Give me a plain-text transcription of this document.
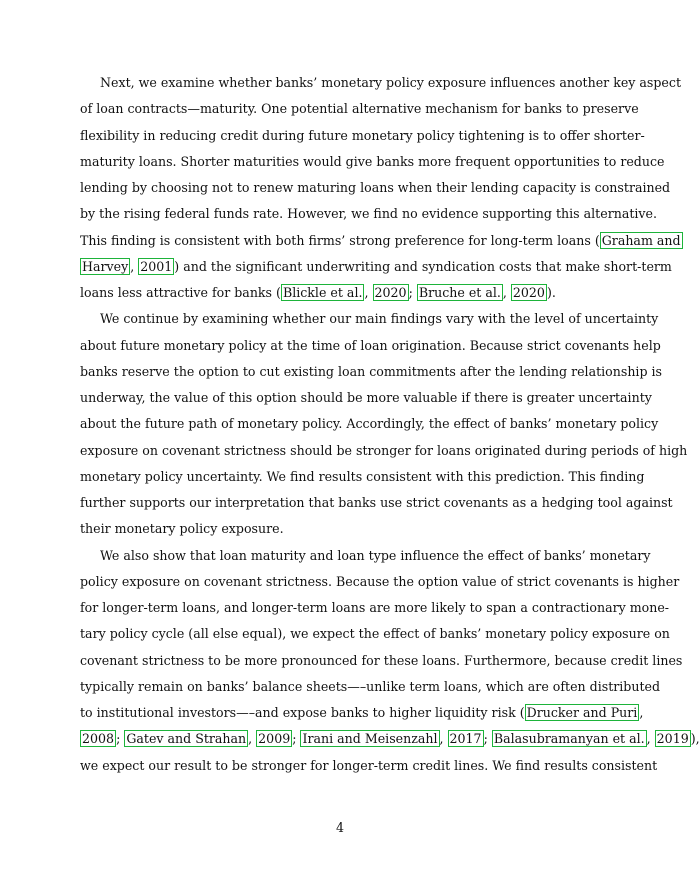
Next, we examine whether banks’ monetary policy exposure influences another key aspect
of loan contracts—maturity. One potential alternative mechanism for banks to preserve
flexibility in reducing credit during future monetary policy tightening is to offer shorter-
maturity loans. Shorter maturities would give banks more frequent opportunities to reduce
lending by choosing not to renew maturing loans when their lending capacity is constrained
by the rising federal funds rate. However, we find no evidence supporting this alternative.
This finding is consistent with both firms’ strong preference for long-term loans ( Graham and
Harvey , 2001 ) and the significant underwriting and syndication costs that make short-term
loans less attractive for banks ( Blickle et al. , 2020 ; Bruche et al. , 2020 ).
We continue by examining whether our main findings vary with the level of uncertainty
about future monetary policy at the time of loan origination. Because strict covenants help
banks reserve the option to cut existing loan commitments after the lending relationship is
underway, the value of this option should be more valuable if there is greater uncertainty
about the future path of monetary policy. Accordingly, the effect of banks’ monetary policy
exposure on covenant strictness should be stronger for loans originated during periods of high
monetary policy uncertainty. We find results consistent with this prediction. This finding
further supports our interpretation that banks use strict covenants as a hedging tool against
their monetary policy exposure.
We also show that loan maturity and loan type influence the effect of banks’ monetary
policy exposure on covenant strictness. Because the option value of strict covenants is higher
for longer-term loans, and longer-term loans are more likely to span a contractionary mone-
tary policy cycle (all else equal), we expect the effect of banks’ monetary policy exposure on
covenant strictness to be more pronounced for these loans. Furthermore, because credit lines
typically remain on banks’ balance sheets—–unlike term loans, which are often distributed
to institutional investors—–and expose banks to higher liquidity risk ( Drucker and Puri ,
2008 ; Gatev and Strahan , 2009 ; Irani and Meisenzahl , 2017 ; Balasubramanyan et al. , 2019 ),
we expect our result to be stronger for longer-term credit lines. We find results consistent
4
